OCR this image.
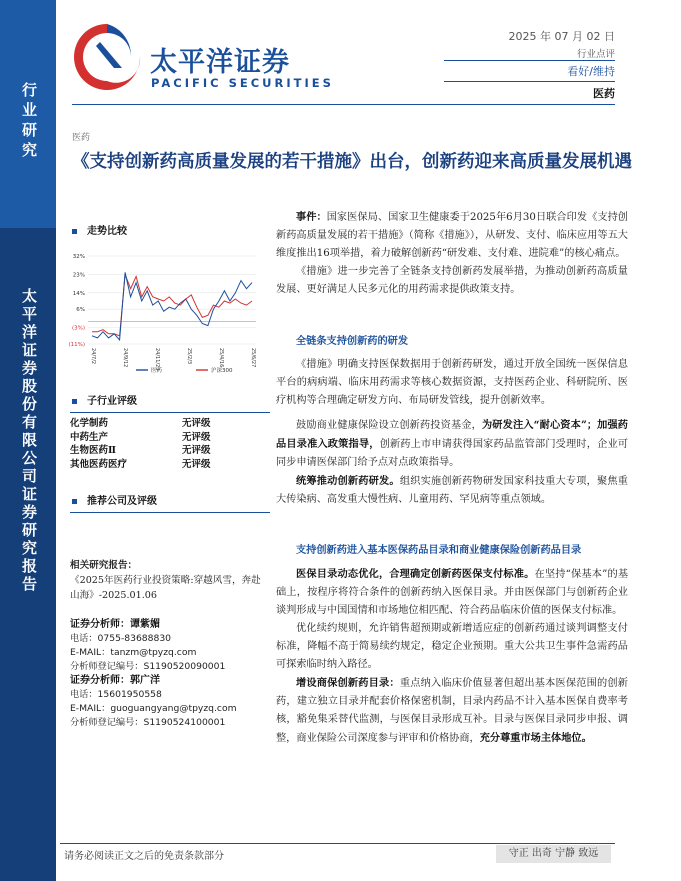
行业研究
太平洋证券股份有限公司证券研究报告
太平洋证券
PACIFIC SECURITIES
2025 年 07 月 02 日
行业点评
看好/维持
医药
医药
《支持创新药高质量发展的若干措施》出台，创新药迎来高质量发展机遇
走势比较
32%
23%
14%
6%
(3%)
(11%)
24/7/2	24/9/12	24/11/23	25/2/3	25/4/16	25/6/27
医药	沪深300
子行业评级
化学制药	无评级
中药生产	无评级
生物医药Ⅱ	无评级
其他医药医疗	无评级
推荐公司及评级
相关研究报告：
《2025年医药行业投资策略:穿越风雪，奔赴山海》-2025.01.06
证券分析师：谭紫媚
电话：0755-83688830
E-MAIL：tanzm@tpyzq.com
分析师登记编号：S1190520090001
证券分析师：郭广洋
电话：15601950558
E-MAIL：guoguangyang@tpyzq.com
分析师登记编号：S1190524100001

事件：国家医保局、国家卫生健康委于2025年6月30日联合印发《支持创新药高质量发展的若干措施》（简称《措施》），从研发、支付、临床应用等五大维度推出16项举措，着力破解创新药“研发难、支付难、进院难”的核心痛点。

《措施》进一步完善了全链条支持创新药发展举措，为推动创新药高质量发展、更好满足人民多元化的用药需求提供政策支持。

全链条支持创新药的研发

《措施》明确支持医保数据用于创新药研发，通过开放全国统一医保信息平台的病病端、临床用药需求等核心数据资源，支持医药企业、科研院所、医疗机构等合理确定研发方向、布局研发管线，提升创新效率。

鼓励商业健康保险设立创新药投资基金，为研发注入“耐心资本”；加强药品目录准入政策指导，创新药上市申请获得国家药品监管部门受理时，企业可同步申请医保部门给予点对点政策指导。

统筹推动创新药研发。组织实施创新药物研发国家科技重大专项，聚焦重大传染病、高发重大慢性病、儿童用药、罕见病等重点领域。

支持创新药进入基本医保药品目录和商业健康保险创新药品目录

医保目录动态优化，合理确定创新药医保支付标准。在坚持“保基本”的基础上，按程序将符合条件的创新药纳入医保目录。并由医保部门与创新药企业谈判形成与中国国情和市场地位相匹配、符合药品临床价值的医保支付标准。

优化续约规则，允许销售超预期或新增适应症的创新药通过谈判调整支付标准，降幅不高于简易续约规定，稳定企业预期。重大公共卫生事件急需药品可探索临时纳入路径。

增设商保创新药目录：重点纳入临床价值显著但超出基本医保范围的创新药，建立独立目录并配套价格保密机制，目录内药品不计入基本医保自费率考核，豁免集采替代监测，与医保目录形成互补。目录与医保目录同步申报、调整，商业保险公司深度参与评审和价格协商，充分尊重市场主体地位。

请务必阅读正文之后的免责条款部分	守正 出奇 宁静 致远
